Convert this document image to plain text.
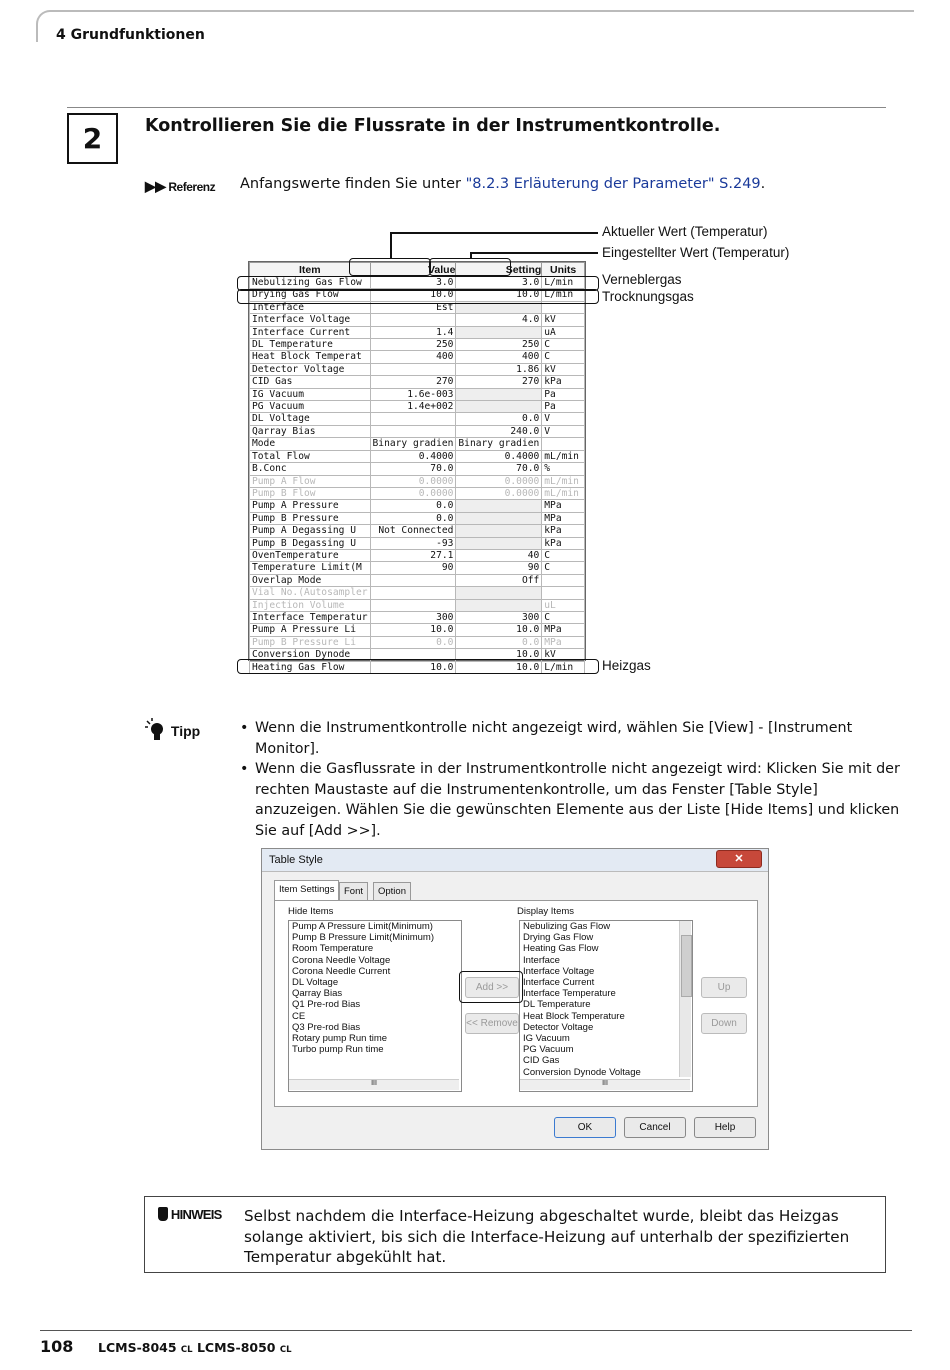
4 Grundfunktionen
2	Kontrollieren Sie die Flussrate in der Instrumentkontrolle.
▶▶ Referenz Anfangswerte finden Sie unter "8.2.3 Erläuterung der Parameter" S.249.
Item	Value	Setting	Units
Nebulizing Gas Flow	3.0	3.0	L/min
Drying Gas Flow	10.0	10.0	L/min
Interface	Est		
Interface Voltage		4.0	kV
Interface Current	1.4		uA
DL Temperature	250	250	C
Heat Block Temperat	400	400	C
Detector Voltage		1.86	kV
CID Gas	270	270	kPa
IG Vacuum	1.6e-003		Pa
PG Vacuum	1.4e+002		Pa
DL Voltage		0.0	V
Qarray Bias		240.0	V
Mode	Binary gradien	Binary gradien	
Total Flow	0.4000	0.4000	mL/min
B.Conc	70.0	70.0	%
Pump A Flow	0.0000	0.0000	mL/min
Pump B Flow	0.0000	0.0000	mL/min
Pump A Pressure	0.0		MPa
Pump B Pressure	0.0		MPa
Pump A Degassing U	Not Connected		kPa
Pump B Degassing U	-93		kPa
OvenTemperature	27.1	40	C
Temperature Limit(M	90	90	C
Overlap Mode		Off	
Vial No.(Autosampler			
Injection Volume			uL
Interface Temperatur	300	300	C
Pump A Pressure Li	10.0	10.0	MPa
Pump B Pressure Li	0.0	0.0	MPa
Conversion Dynode		10.0	kV
Heating Gas Flow	10.0	10.0	L/min
Aktueller Wert (Temperatur)
Eingestellter Wert (Temperatur)
Verneblergas
Trocknungsgas
Heizgas
Tipp	• Wenn die Instrumentkontrolle nicht angezeigt wird, wählen Sie [View] - [Instrument Monitor].
• Wenn die Gasflussrate in der Instrumentkontrolle nicht angezeigt wird: Klicken Sie mit der rechten Maustaste auf die Instrumentenkontrolle, um das Fenster [Table Style] anzuzeigen. Wählen Sie die gewünschten Elemente aus der Liste [Hide Items] und klicken Sie auf [Add >>].
Table Style	✕
Item Settings	Font	Option
Hide Items	Display Items
Pump A Pressure Limit(Minimum)
Pump B Pressure Limit(Minimum)
Room Temperature
Corona Needle Voltage
Corona Needle Current
DL Voltage
Qarray Bias
Q1 Pre-rod Bias
CE
Q3 Pre-rod Bias
Rotary pump Run time
Turbo pump Run time
Nebulizing Gas Flow
Drying Gas Flow
Heating Gas Flow
Interface
Interface Voltage
Interface Current
Interface Temperature
DL Temperature
Heat Block Temperature
Detector Voltage
IG Vacuum
PG Vacuum
CID Gas
Conversion Dynode Voltage
III	III
Add >>
<< Remove
Up
Down
OK	Cancel	Help
HINWEIS Selbst nachdem die Interface-Heizung abgeschaltet wurde, bleibt das Heizgas solange aktiviert, bis sich die Interface-Heizung auf unterhalb der spezifizierten Temperatur abgekühlt hat.
108 LCMS-8045 CL LCMS-8050 CL
